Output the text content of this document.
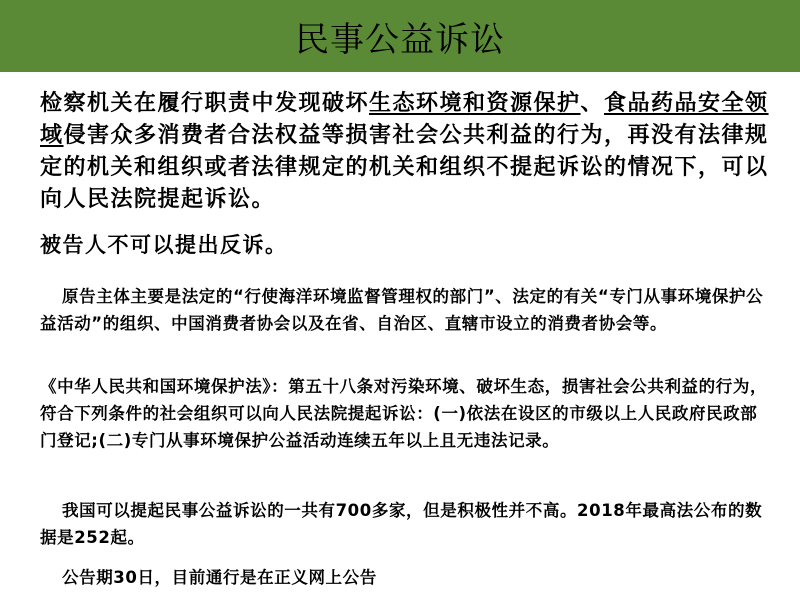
民事公益诉讼
检察机关在履行职责中发现破坏生态环境和资源保护、食品药品安全领域侵害众多消费者合法权益等损害社会公共利益的行为，再没有法律规定的机关和组织或者法律规定的机关和组织不提起诉讼的情况下，可以向人民法院提起诉讼。
被告人不可以提出反诉。
原告主体主要是法定的“行使海洋环境监督管理权的部门”、法定的有关“专门从事环境保护公益活动”的组织、中国消费者协会以及在省、自治区、直辖市设立的消费者协会等。
《中华人民共和国环境保护法》：第五十八条对污染环境、破坏生态，损害社会公共利益的行为，符合下列条件的社会组织可以向人民法院提起诉讼：(一)依法在设区的市级以上人民政府民政部门登记;(二)专门从事环境保护公益活动连续五年以上且无违法记录。
我国可以提起民事公益诉讼的一共有700多家，但是积极性并不高。2018年最高法公布的数据是252起。
公告期30日，目前通行是在正义网上公告
